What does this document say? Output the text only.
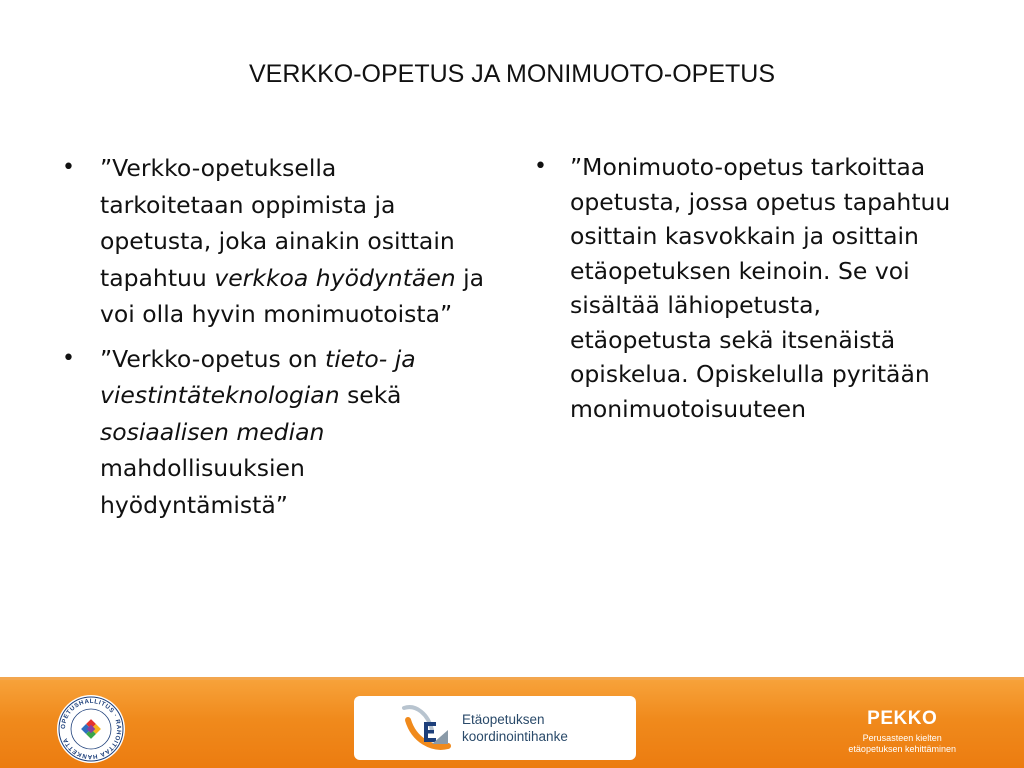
VERKKO-OPETUS JA MONIMUOTO-OPETUS
• ”Verkko-opetuksella tarkoitetaan oppimista ja opetusta, joka ainakin osittain tapahtuu verkkoa hyödyntäen ja voi olla hyvin monimuotoista”
• ”Verkko-opetus on tieto- ja viestintäteknologian sekä sosiaalisen median mahdollisuuksien hyödyntämistä”
• ”Monimuoto-opetus tarkoittaa opetusta, jossa opetus tapahtuu osittain kasvokkain ja osittain etäopetuksen keinoin. Se voi sisältää lähiopetusta, etäopetusta sekä itsenäistä opiskelua. Opiskelulla pyritään monimuotoisuuteen
OPETUSHALLITUS · RAHOITTAA HANKETTA
Etäopetuksen
koordinointihanke
PEKKO
Perusasteen kielten
etäopetuksen kehittäminen
